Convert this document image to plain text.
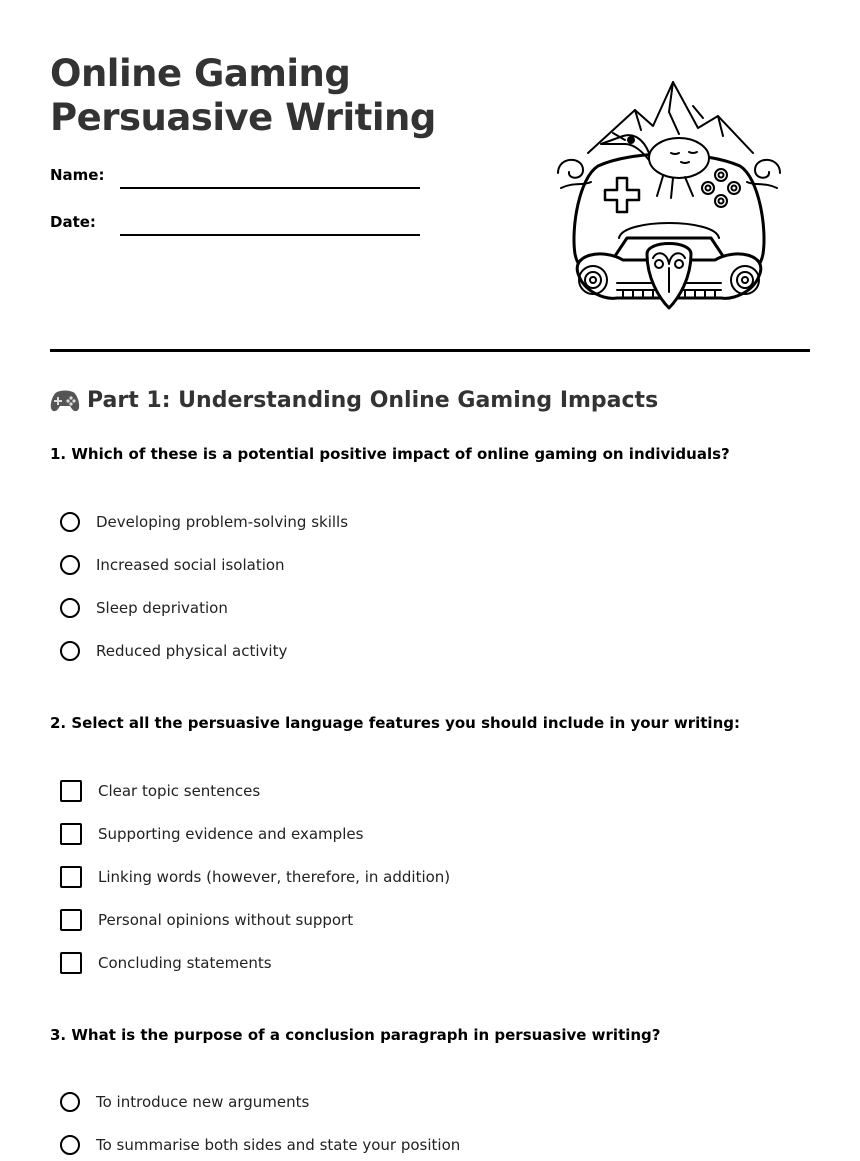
Online Gaming
Persuasive Writing
Name:
Date:
Part 1: Understanding Online Gaming Impacts
1. Which of these is a potential positive impact of online gaming on individuals?
Developing problem-solving skills
Increased social isolation
Sleep deprivation
Reduced physical activity
2. Select all the persuasive language features you should include in your writing:
Clear topic sentences
Supporting evidence and examples
Linking words (however, therefore, in addition)
Personal opinions without support
Concluding statements
3. What is the purpose of a conclusion paragraph in persuasive writing?
To introduce new arguments
To summarise both sides and state your position
